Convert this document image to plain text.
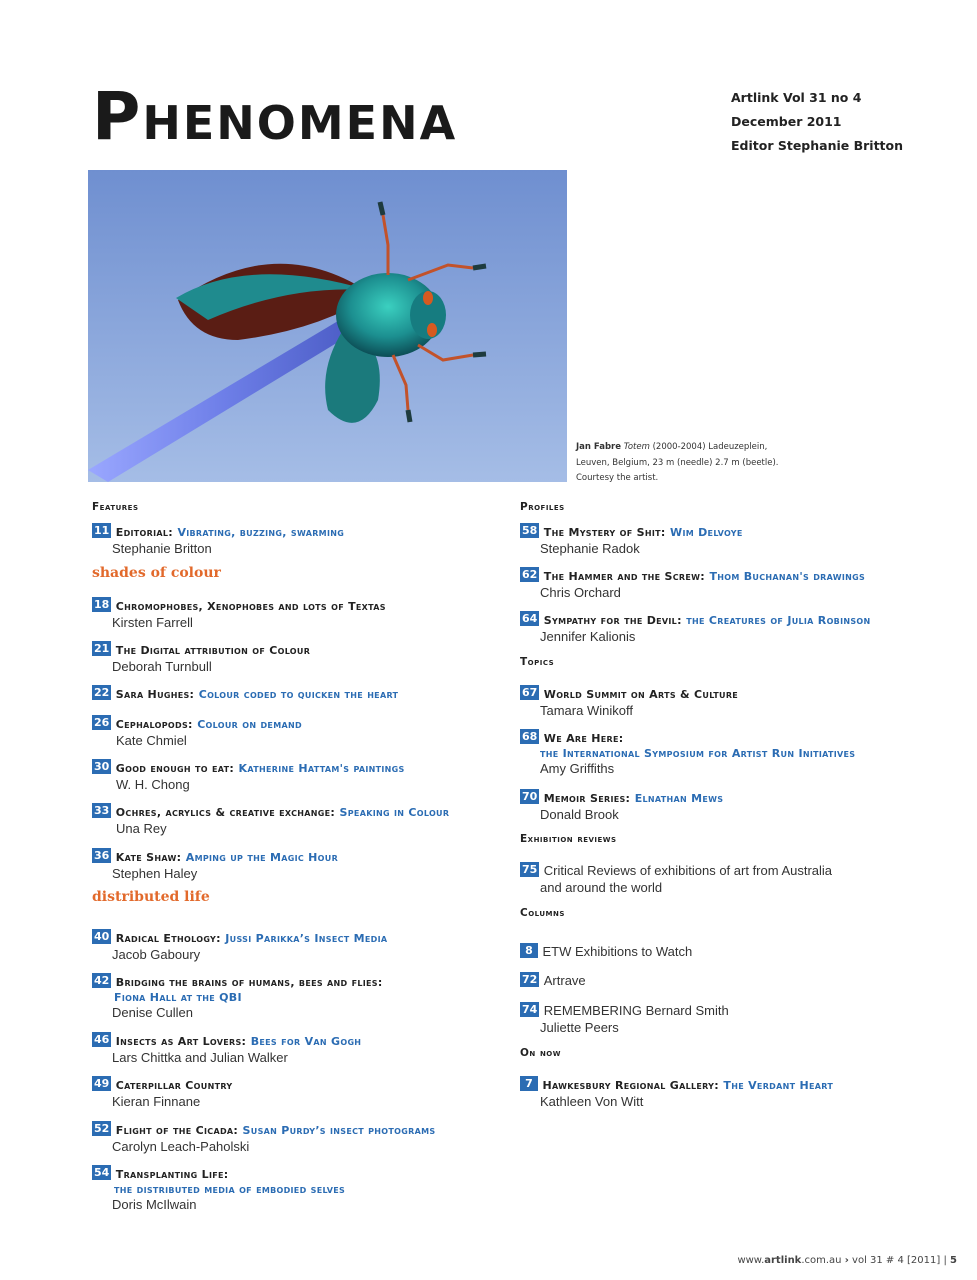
Phenomena	Artlink Vol 31 no 4
December 2011
Editor Stephanie Britton
Jan Fabre Totem (2000-2004) Ladeuzeplein,
Leuven, Belgium, 23 m (needle) 2.7 m (beetle).
Courtesy the artist.
Features
11 Editorial: Vibrating, buzzing, swarming
Stephanie Britton
shades of colour
18 Chromophobes, Xenophobes and lots of Textas
Kirsten Farrell
21 The Digital attribution of Colour
Deborah Turnbull
22 Sara Hughes: Colour coded to quicken the heart
26 Cephalopods: Colour on demand
Kate Chmiel
30 Good enough to eat: Katherine Hattam's paintings
W. H. Chong
33 Ochres, acrylics & creative exchange: Speaking in Colour
Una Rey
36 Kate Shaw: Amping up the Magic Hour
Stephen Haley
distributed life
40 Radical Ethology: Jussi Parikka’s Insect Media
Jacob Gaboury
42 Bridging the brains of humans, bees and flies:
Fiona Hall at the QBI
Denise Cullen
46 Insects as Art Lovers: Bees for Van Gogh
Lars Chittka and Julian Walker
49 Caterpillar Country
Kieran Finnane
52 Flight of the Cicada: Susan Purdy’s insect photograms
Carolyn Leach-Paholski
54 Transplanting Life:
the distributed media of embodied selves
Doris McIlwain
Profiles
58 The Mystery of Shit: Wim Delvoye
Stephanie Radok
62 The Hammer and the Screw: Thom Buchanan's drawings
Chris Orchard
64 Sympathy for the Devil: the Creatures of Julia Robinson
Jennifer Kalionis
Topics
67 World Summit on Arts & Culture
Tamara Winikoff
68 We Are Here:
the International Symposium for Artist Run Initiatives
Amy Griffiths
70 Memoir Series: Elnathan Mews
Donald Brook
Exhibition reviews
75 Critical Reviews of exhibitions of art from Australia
and around the world
Columns
8 ETW Exhibitions to Watch
72 Artrave
74 REMEMBERING Bernard Smith
Juliette Peers
On now
7 Hawkesbury Regional Gallery: The Verdant Heart
Kathleen Von Witt
www.artlink.com.au › vol 31 # 4 [2011] | 5
